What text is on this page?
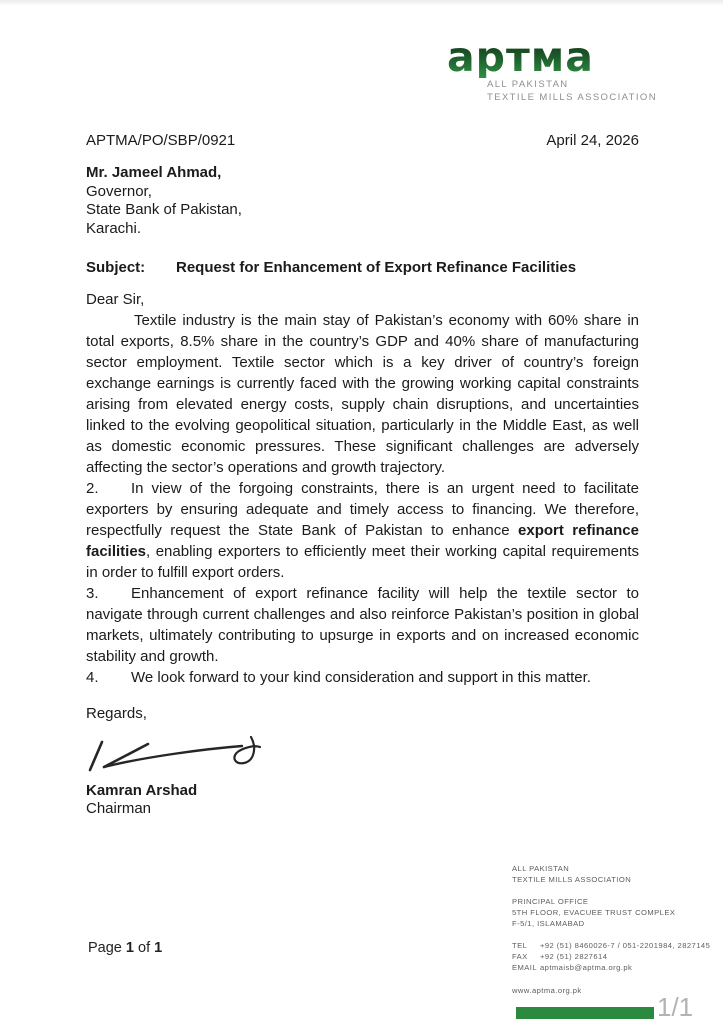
apтма
ALL PAKISTAN
TEXTILE MILLS ASSOCIATION
APTMA/PO/SBP/0921	April 24, 2026
Mr. Jameel Ahmad,
Governor,
State Bank of Pakistan,
Karachi.
Subject: Request for Enhancement of Export Refinance Facilities
Dear Sir,

Textile industry is the main stay of Pakistan’s economy with 60% share in total exports, 8.5% share in the country’s GDP and 40% share of manufacturing sector employment. Textile sector which is a key driver of country’s foreign exchange earnings is currently faced with the growing working capital constraints arising from elevated energy costs, supply chain disruptions, and uncertainties linked to the evolving geopolitical situation, particularly in the Middle East, as well as domestic economic pressures. These significant challenges are adversely affecting the sector’s operations and growth trajectory.

2. In view of the forgoing constraints, there is an urgent need to facilitate exporters by ensuring adequate and timely access to financing. We therefore, respectfully request the State Bank of Pakistan to enhance export refinance facilities, enabling exporters to efficiently meet their working capital requirements in order to fulfill export orders.

3. Enhancement of export refinance facility will help the textile sector to navigate through current challenges and also reinforce Pakistan’s position in global markets, ultimately contributing to upsurge in exports and on increased economic stability and growth.

4. We look forward to your kind consideration and support in this matter.

Regards,
Kamran Arshad
Chairman
ALL PAKISTAN
TEXTILE MILLS ASSOCIATION
PRINCIPAL OFFICE
5TH FLOOR, EVACUEE TRUST COMPLEX
F-5/1, ISLAMABAD
TEL +92 (51) 8460026-7 / 051-2201984, 2827145
FAX +92 (51) 2827614
EMAIL aptmaisb@aptma.org.pk
www.aptma.org.pk
Page 1 of 1
1/1
